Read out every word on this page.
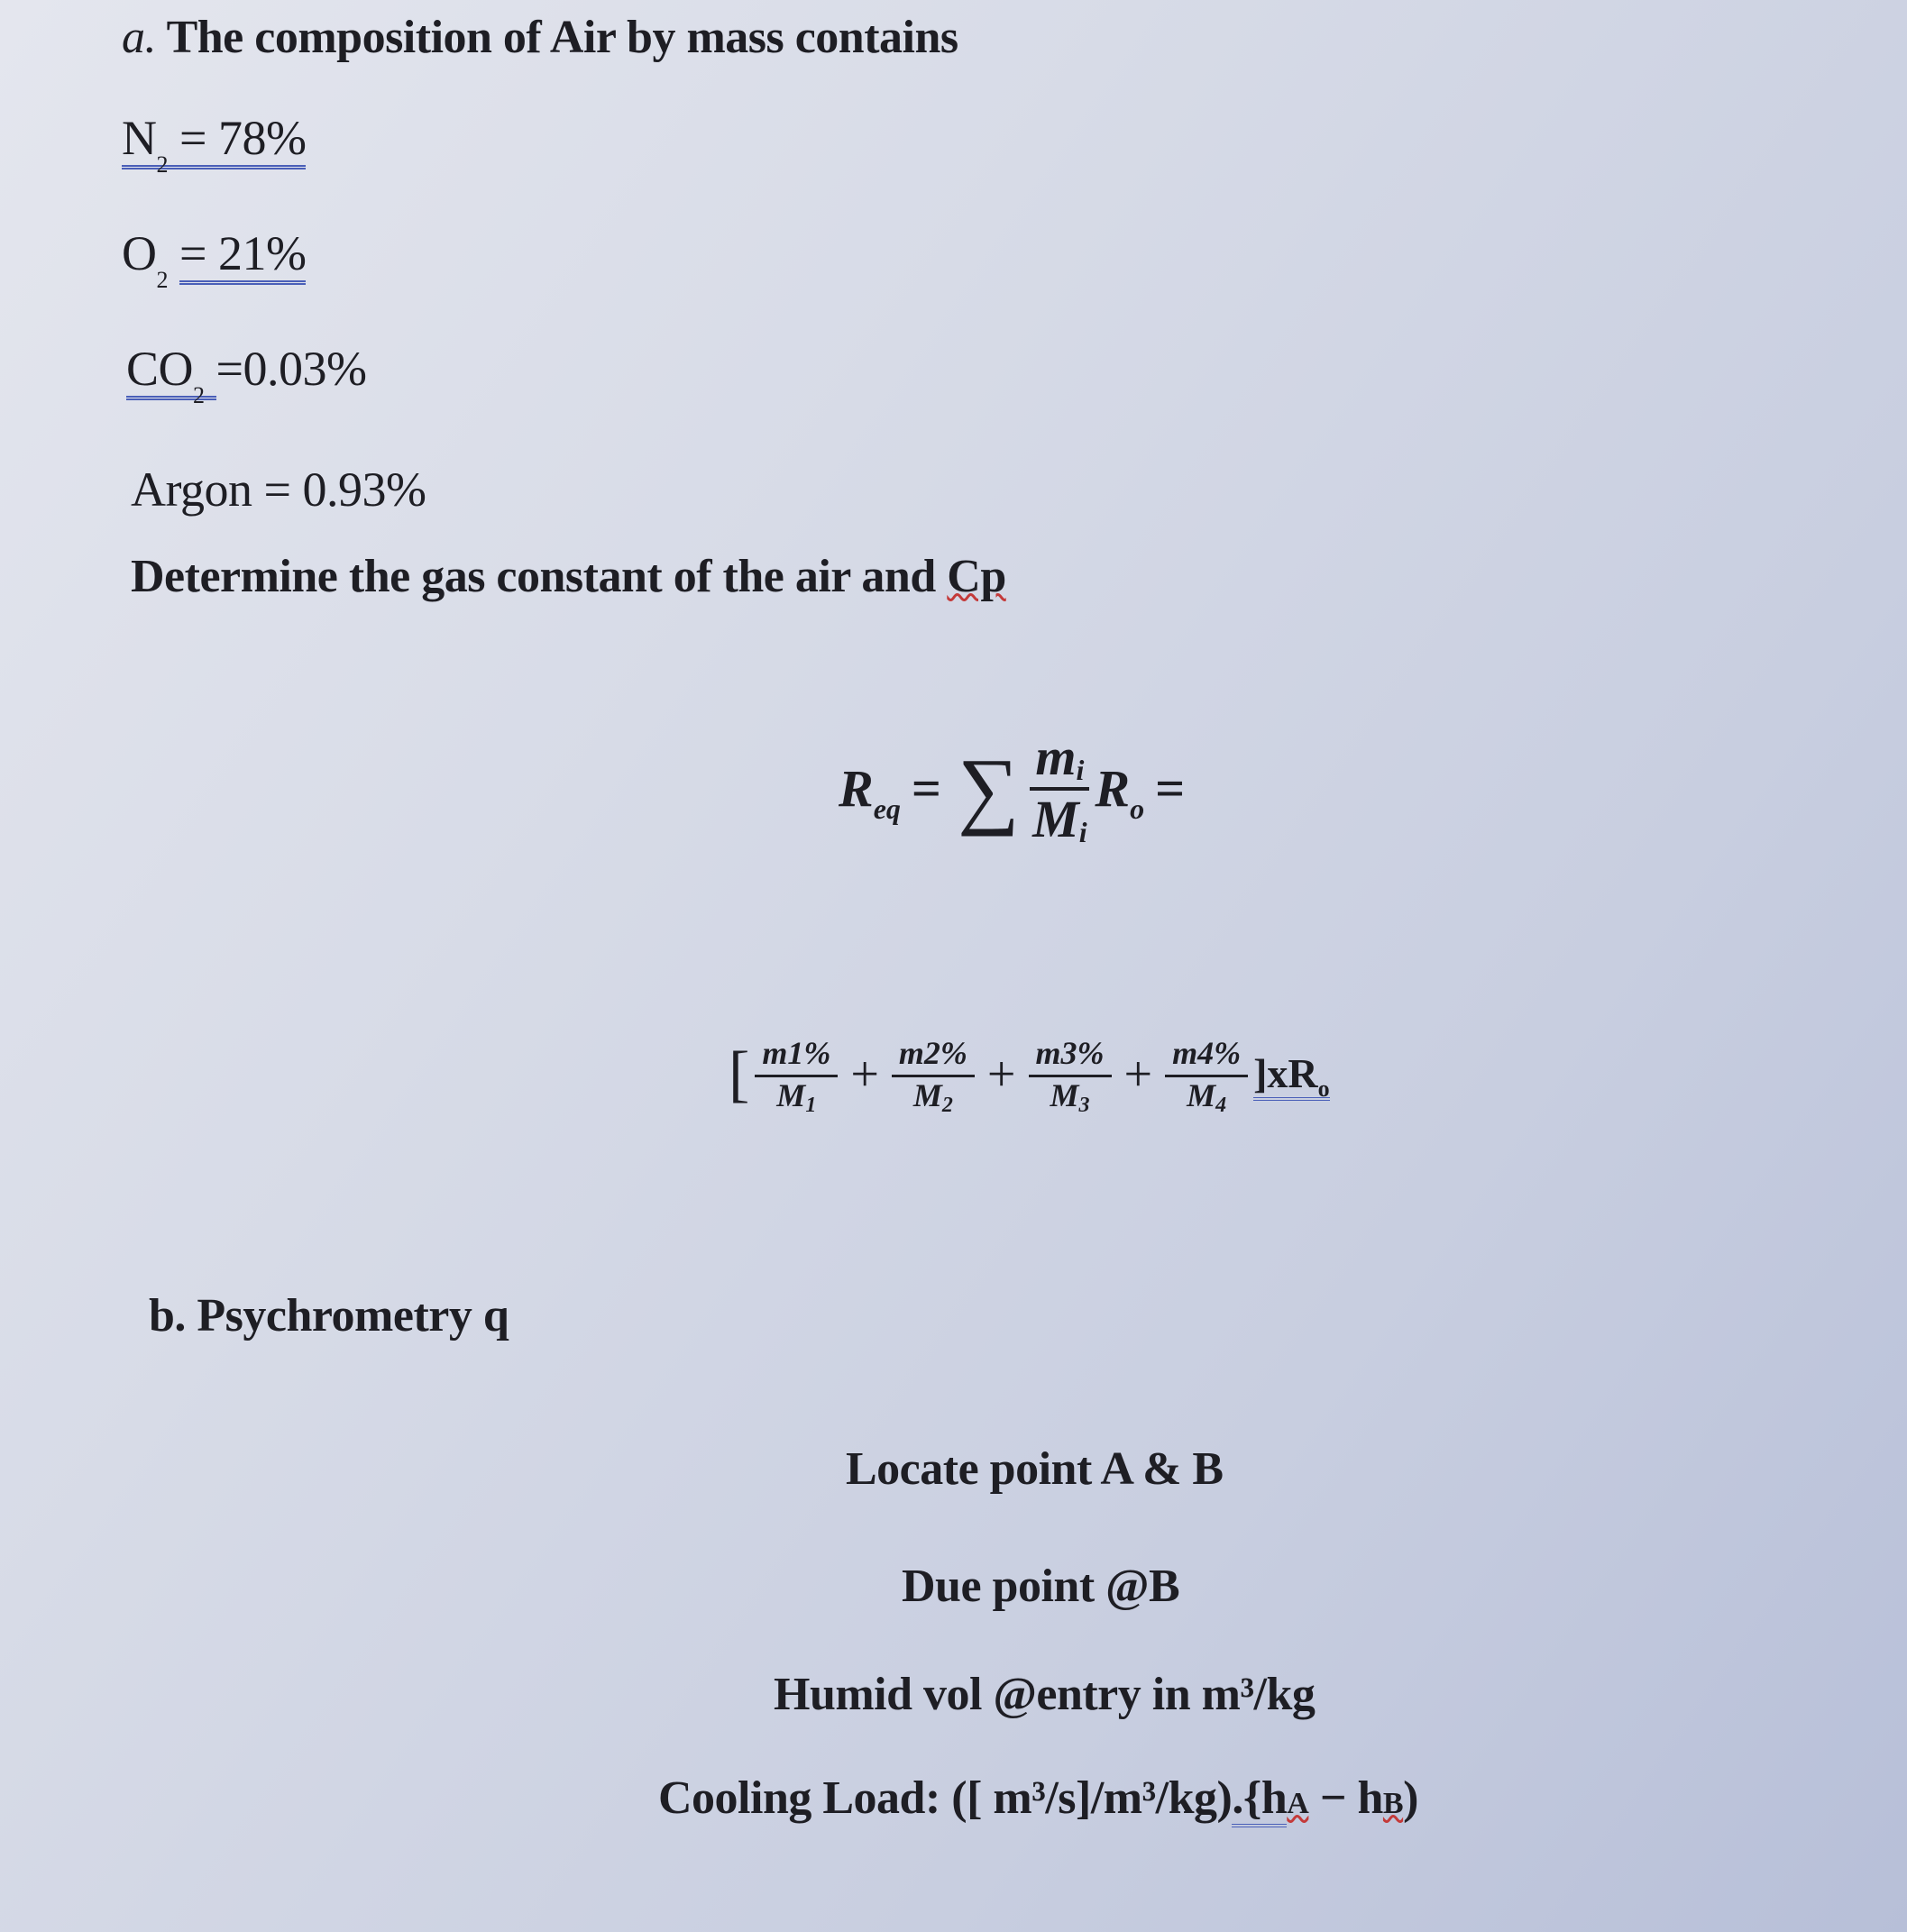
a. The composition of Air by mass contains
$N_2 = 78\%$
$O_2 = 21\%$
$CO_2 =0.03\%$
Argon = 0.93%
Determine the gas constant of the air and Cp
$R_{eq}$ = ∑ $\frac{mi}{Mi} R_o$ =
[ $\frac{m1\%}{M1} + \frac{m2\%}{M2} + \frac{m3\%}{M3} + \frac{m4\%}{M4} ]xR_o$
b. Psychrometry q
Locate point A & B
Due point @B
Humid vol @entry in m³/kg
Cooling Load: ([ m³/s]/m³/kg).{hA − hB)
